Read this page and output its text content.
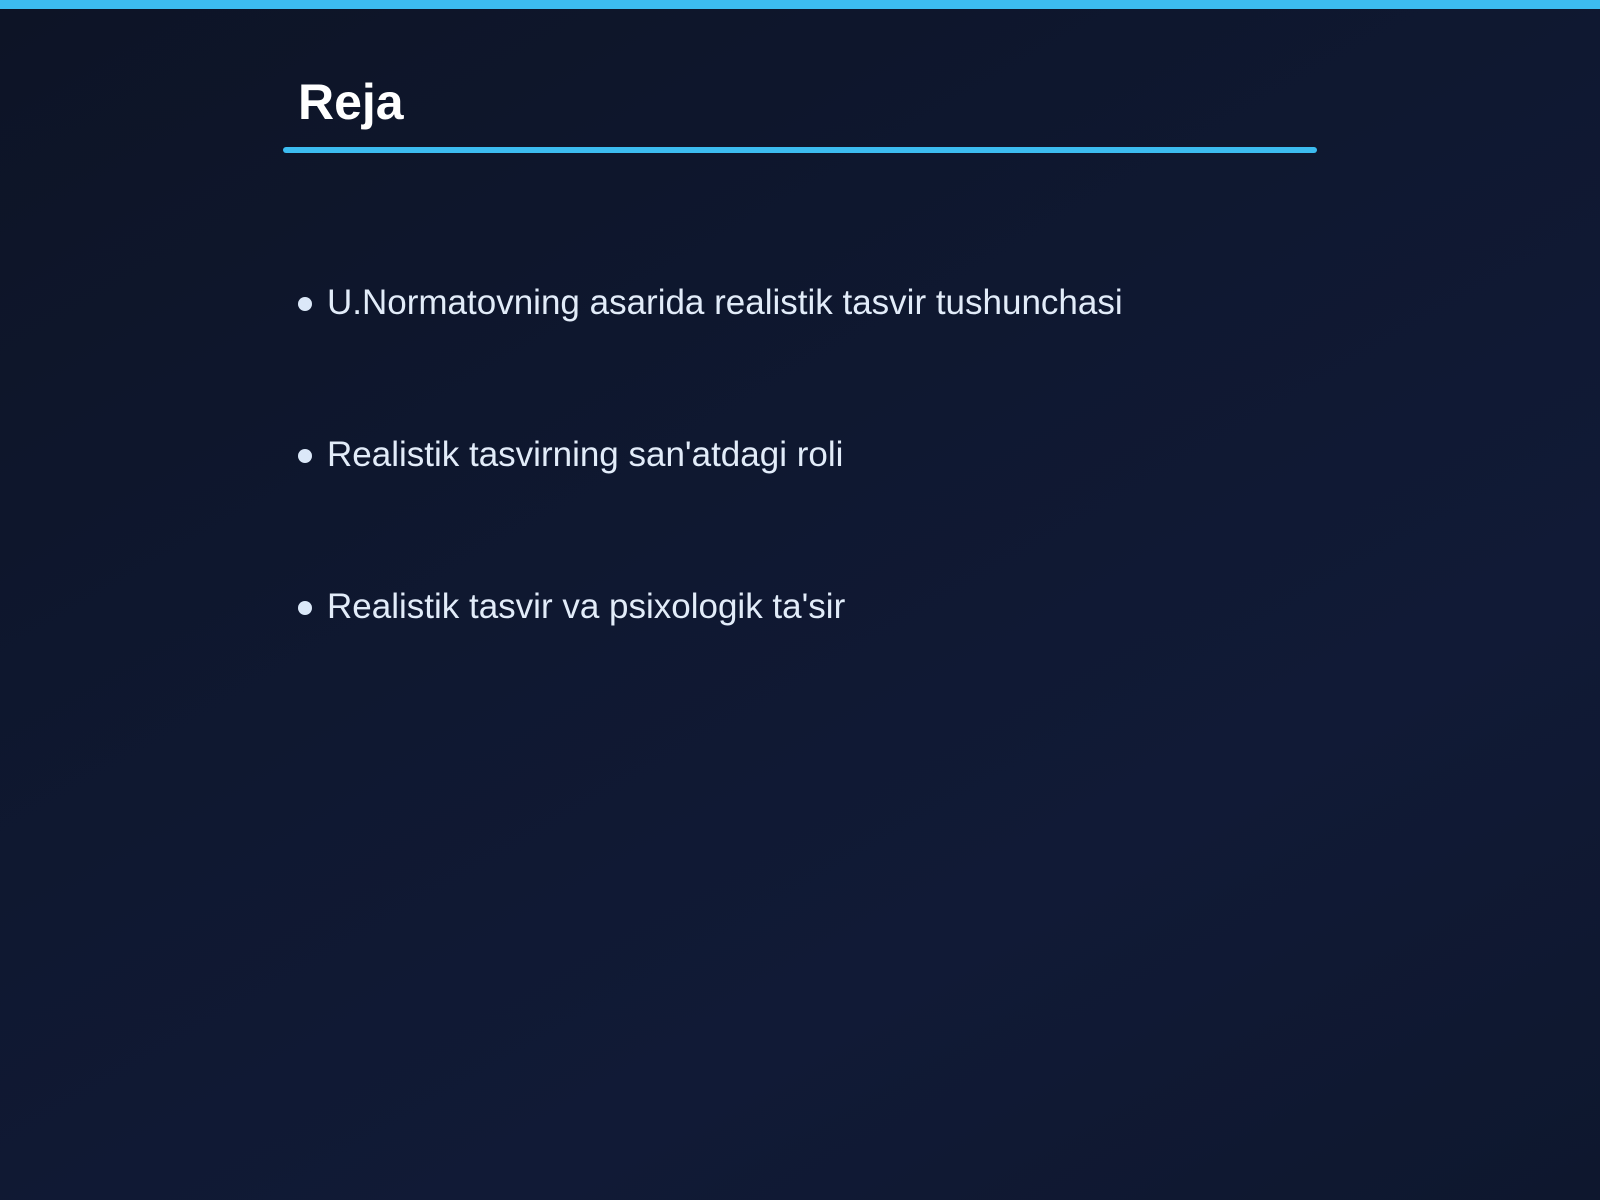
Reja
U.Normatovning asarida realistik tasvir tushunchasi
Realistik tasvirning san'atdagi roli
Realistik tasvir va psixologik ta'sir
